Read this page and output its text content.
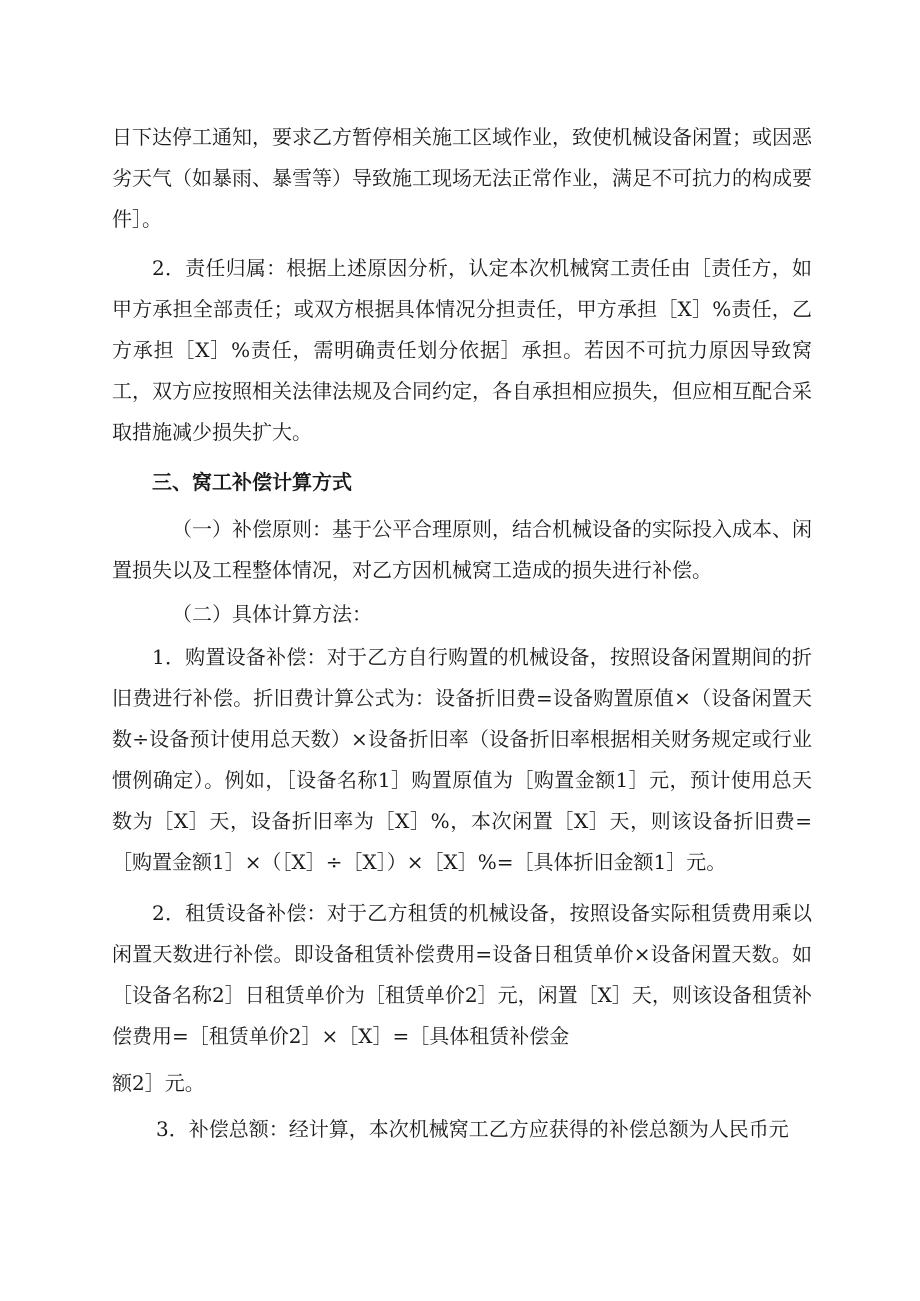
日下达停工通知，要求乙方暂停相关施工区域作业，致使机械设备闲置；或因恶劣天气（如暴雨、暴雪等）导致施工现场无法正常作业，满足不可抗力的构成要件］。

2．责任归属：根据上述原因分析，认定本次机械窝工责任由［责任方，如甲方承担全部责任；或双方根据具体情况分担责任，甲方承担［X］%责任，乙方承担［X］%责任，需明确责任划分依据］承担。若因不可抗力原因导致窝工，双方应按照相关法律法规及合同约定，各自承担相应损失，但应相互配合采取措施减少损失扩大。

三、窝工补偿计算方式

（一）补偿原则：基于公平合理原则，结合机械设备的实际投入成本、闲置损失以及工程整体情况，对乙方因机械窝工造成的损失进行补偿。

（二）具体计算方法：

1．购置设备补偿：对于乙方自行购置的机械设备，按照设备闲置期间的折旧费进行补偿。折旧费计算公式为：设备折旧费=设备购置原值×（设备闲置天数÷设备预计使用总天数）×设备折旧率（设备折旧率根据相关财务规定或行业惯例确定）。例如，［设备名称1］购置原值为［购置金额1］元，预计使用总天数为［X］天，设备折旧率为［X］%，本次闲置［X］天，则该设备折旧费=［购置金额1］×（［X］÷［X］）×［X］%=［具体折旧金额1］元。

2．租赁设备补偿：对于乙方租赁的机械设备，按照设备实际租赁费用乘以闲置天数进行补偿。即设备租赁补偿费用=设备日租赁单价×设备闲置天数。如［设备名称2］日租赁单价为［租赁单价2］元，闲置［X］天，则该设备租赁补偿费用=［租赁单价2］×［X］=［具体租赁补偿金

额2］元。

3．补偿总额：经计算，本次机械窝工乙方应获得的补偿总额为人民币元
